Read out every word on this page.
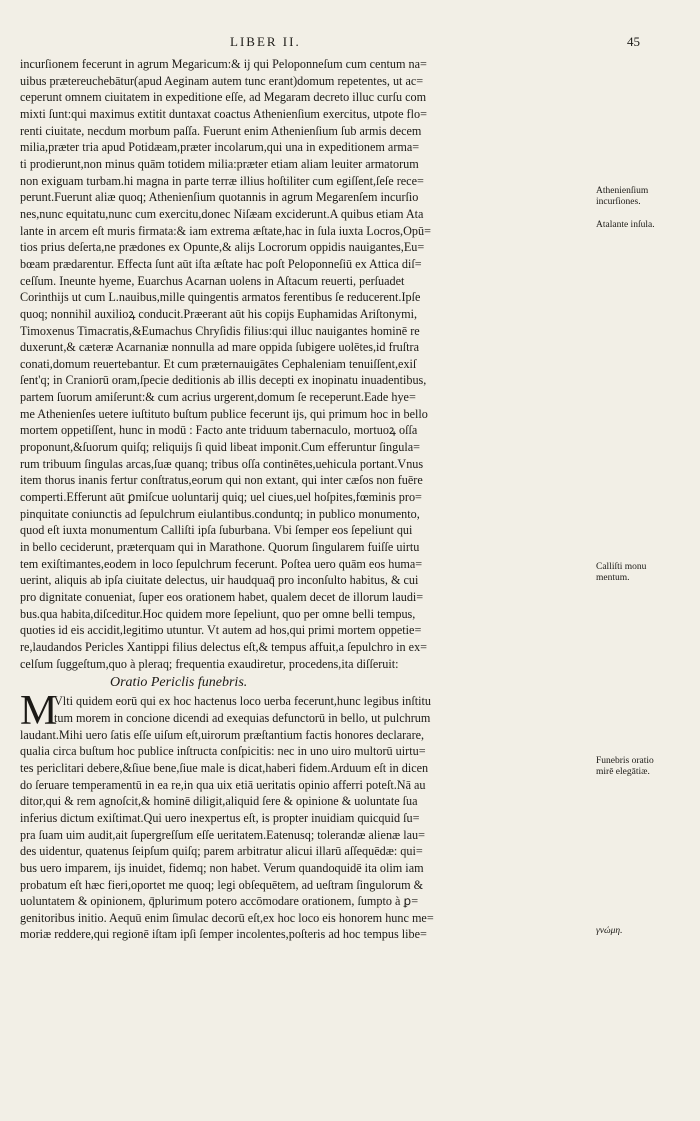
LIBER II.	45
incurſionem fecerunt in agrum Megaricum:& ij qui Peloponneſum cum centum na=
uibus prætereuchebātur(apud Aeginam autem tunc erant)domum repetentes, ut ac=
ceperunt omnem ciuitatem in expeditione eſſe, ad Megaram decreto illuc curſu com
mixti ſunt:qui maximus extitit duntaxat coactus Athenienſium exercitus, utpote flo=
renti ciuitate, necdum morbum paſſa. Fuerunt enim Athenienſium ſub armis decem
milia,præter tria apud Potidæam,præter incolarum,qui una in expeditionem arma=
ti prodierunt,non minus quām totidem milia:præter etiam aliam leuiter armatorum
non exiguam turbam.hi magna in parte terræ illius hoſtiliter cum egiſſent,ſeſe rece=
perunt.Fuerunt aliæ quoq; Athenienſium quotannis in agrum Megarenſem incurſio
nes,nunc equitatu,nunc cum exercitu,donec Niſæam exciderunt.A quibus etiam Ata
lante in arcem eſt muris firmata:& iam extrema æſtate,hac in ſula iuxta Locros,Opū=
tios prius deſerta,ne prædones ex Opunte,& alijs Locrorum oppidis nauigantes,Eu=
bœam prædarentur. Effecta ſunt aūt iſta æſtate hac poſt Peloponneſiū ex Attica diſ=
ceſſum. Ineunte hyeme, Euarchus Acarnan uolens in Aſtacum reuerti, perſuadet
Corinthijs ut cum L.nauibus,mille quingentis armatos ferentibus ſe reducerent.Ipſe
quoq; nonnihil auxilioꝝ conducit.Præerant aūt his copijs Euphamidas Ariſtonymi,
Timoxenus Timacratis,&Eumachus Chryſidis filius:qui illuc nauigantes hominē re
duxerunt,& cæteræ Acarnaniæ nonnulla ad mare oppida ſubigere uolētes,id fruſtra
conati,domum reuertebantur. Et cum præternauigātes Cephaleniam tenuiſſent,exiſ
ſent'q; in Craniorū oram,ſpecie deditionis ab illis decepti ex inopinatu inuadentibus,
partem ſuorum amiſerunt:& cum acrius urgerent,domum ſe receperunt.Eade hye=
me Athenienſes uetere iuſtituto buſtum publice fecerunt ijs, qui primum hoc in bello
mortem oppetiſſent, hunc in modū : Facto ante triduum tabernaculo, mortuoꝝ oſſa
proponunt,&ſuorum quiſq; reliquijs ſi quid libeat imponit.Cum efferuntur ſingula=
rum tribuum ſingulas arcas,ſuæ quanq; tribus oſſa continētes,uehicula portant.Vnus
item thorus inanis fertur conſtratus,eorum qui non extant, qui inter cæſos non fuēre
comperti.Efferunt aūt ꝑmiſcue uoluntarij quiq; uel ciues,uel hoſpites,fœminis pro=
pinquitate coniunctis ad ſepulchrum eiulantibus.conduntq; in publico monumento,
quod eſt iuxta monumentum Calliſti ipſa ſuburbana. Vbi ſemper eos ſepeliunt qui
in bello ceciderunt, præterquam qui in Marathone. Quorum ſingularem fuiſſe uirtu
tem exiſtimantes,eodem in loco ſepulchrum fecerunt. Poſtea uero quām eos huma=
uerint, aliquis ab ipſa ciuitate delectus, uir haudquaq̄ pro inconſulto habitus, & cui
pro dignitate conueniat, ſuper eos orationem habet, qualem decet de illorum laudi=
bus.qua habita,diſceditur.Hoc quidem more ſepeliunt, quo per omne belli tempus,
quoties id eis accidit,legitimo utuntur. Vt autem ad hos,qui primi mortem oppetie=
re,laudandos Pericles Xantippi filius delectus eſt,& tempus affuit,a ſepulchro in ex=
celſum ſuggeſtum,quo à pleraq; frequentia exaudiretur, procedens,ita diſſeruit:
Oratio Periclis funebris.
M
Vlti quidem eorū qui ex hoc hactenus loco uerba fecerunt,hunc legibus inſtitu
tum morem in concione dicendi ad exequias defunctorū in bello, ut pulchrum
laudant.Mihi uero ſatis eſſe uiſum eſt,uirorum præſtantium factis honores declarare,
qualia circa buſtum hoc publice inſtructa conſpicitis: nec in uno uiro multorū uirtu=
tes periclitari debere,&ſiue bene,ſiue male is dicat,haberi fidem.Arduum eſt in dicen
do ſeruare temperamentū in ea re,in qua uix etiā ueritatis opinio afferri poteſt.Nā au
ditor,qui & rem agnoſcit,& hominē diligit,aliquid ſere & opinione & uoluntate ſua
inferius dictum exiſtimat.Qui uero inexpertus eſt, is propter inuidiam quicquid ſu=
pra ſuam uim audit,ait ſupergreſſum eſſe ueritatem.Eatenusq; tolerandæ alienæ lau=
des uidentur, quatenus ſeipſum quiſq; parem arbitratur alicui illarū aſſequēdæ: qui=
bus uero imparem, ijs inuidet, fidemq; non habet. Verum quandoquidē ita olim iam
probatum eſt hæc fieri,oportet me quoq; legi obſequētem, ad ueſtram ſingulorum &
uoluntatem & opinionem, q̄plurimum potero accōmodare orationem, ſumpto à ꝑ=
genitoribus initio. Aequū enim ſimulac decorū eſt,ex hoc loco eis honorem hunc me=
moriæ reddere,qui regionē iſtam ipſi ſemper incolentes,poſteris ad hoc tempus libe=
Athenienſium
incurſiones.
Atalante inſula.
Calliſti monu
mentum.
Funebris oratio
mirē elegātiæ.
γνώμη.
